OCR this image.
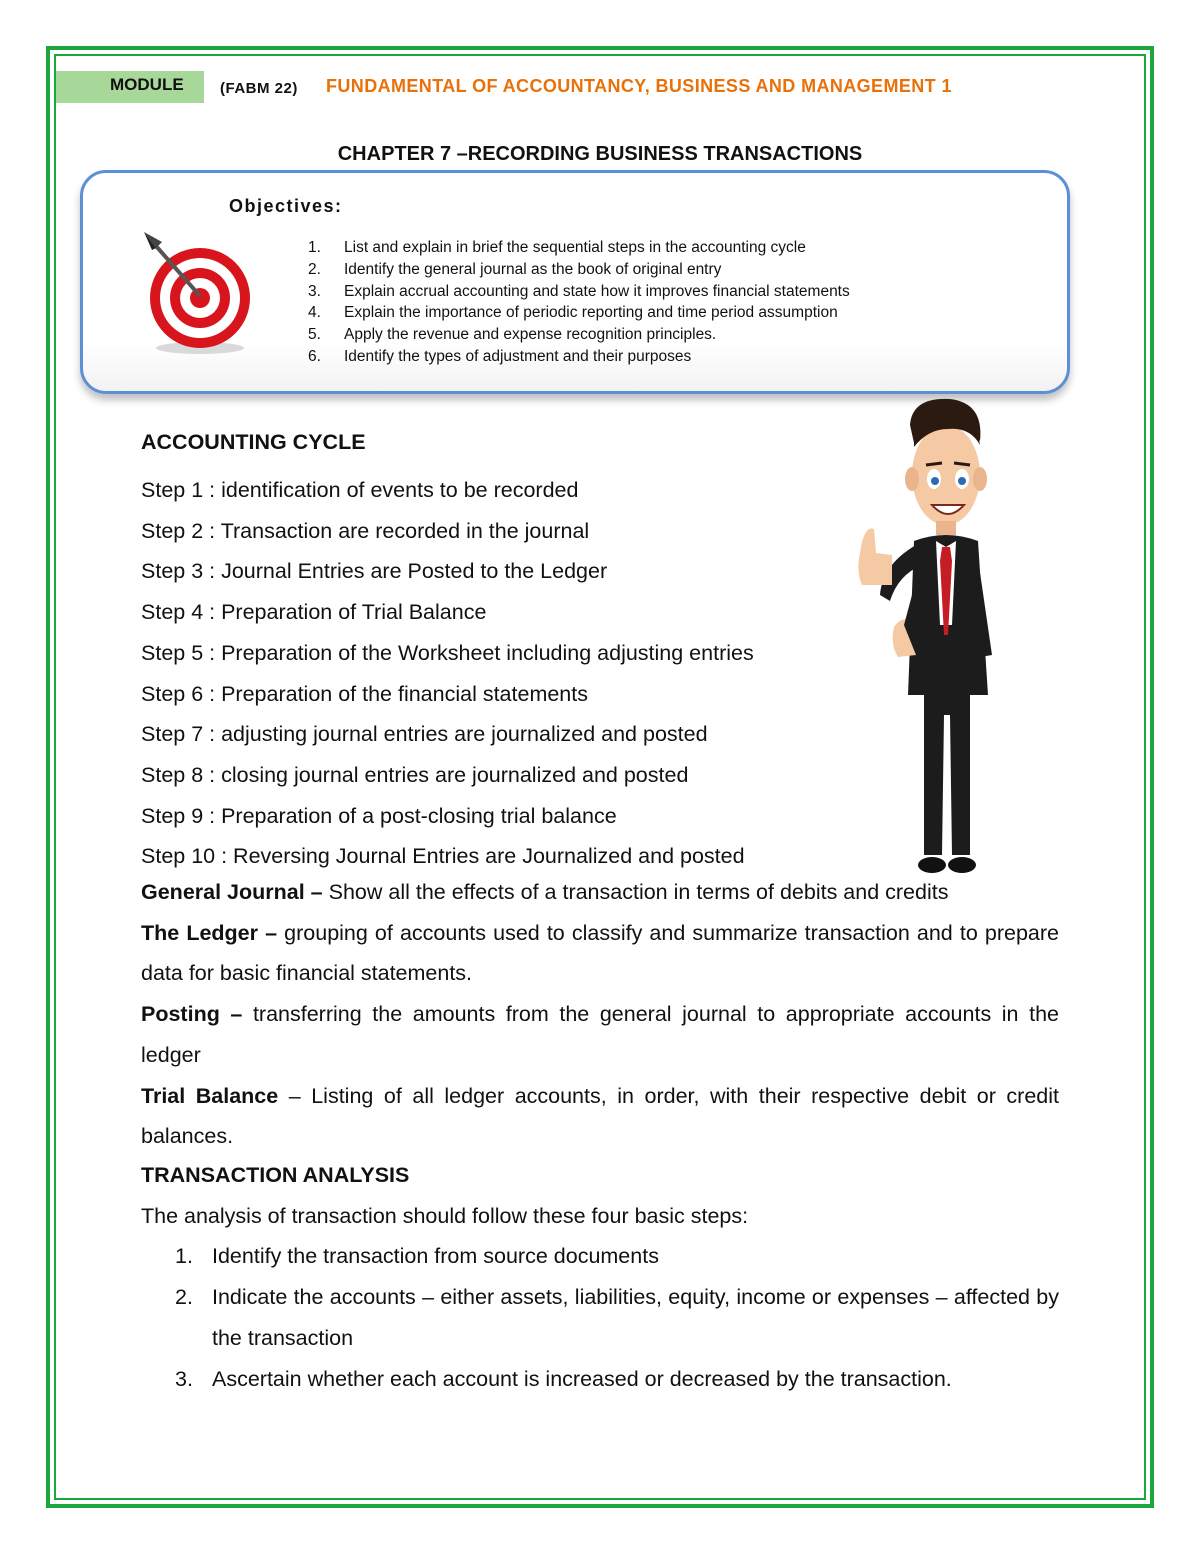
MODULE	(FABM 22) FUNDAMENTAL OF ACCOUNTANCY, BUSINESS AND MANAGEMENT 1
CHAPTER 7 –RECORDING BUSINESS TRANSACTIONS
Objectives:
1. List and explain in brief the sequential steps in the accounting cycle
2. Identify the general journal as the book of original entry
3. Explain accrual accounting and state how it improves financial statements
4. Explain the importance of periodic reporting and time period assumption
5. Apply the revenue and expense recognition principles.
6. Identify the types of adjustment and their purposes
ACCOUNTING CYCLE
Step 1 : identification of events to be recorded
Step 2 : Transaction are recorded in the journal
Step 3 : Journal Entries are Posted to the Ledger
Step 4 : Preparation of Trial Balance
Step 5 : Preparation of the Worksheet including adjusting entries
Step 6 : Preparation of the financial statements
Step 7 : adjusting journal entries are journalized and posted
Step 8 : closing journal entries are journalized and posted
Step 9 : Preparation of a post-closing trial balance
Step 10 : Reversing Journal Entries are Journalized and posted

General Journal – Show all the effects of a transaction in terms of debits and credits

The Ledger – grouping of accounts used to classify and summarize transaction and to prepare data for basic financial statements.

Posting – transferring the amounts from the general journal to appropriate accounts in the ledger

Trial Balance – Listing of all ledger accounts, in order, with their respective debit or credit balances.

TRANSACTION ANALYSIS

The analysis of transaction should follow these four basic steps:

1. Identify the transaction from source documents
2. Indicate the accounts – either assets, liabilities, equity, income or expenses – affected by the transaction
3. Ascertain whether each account is increased or decreased by the transaction.
